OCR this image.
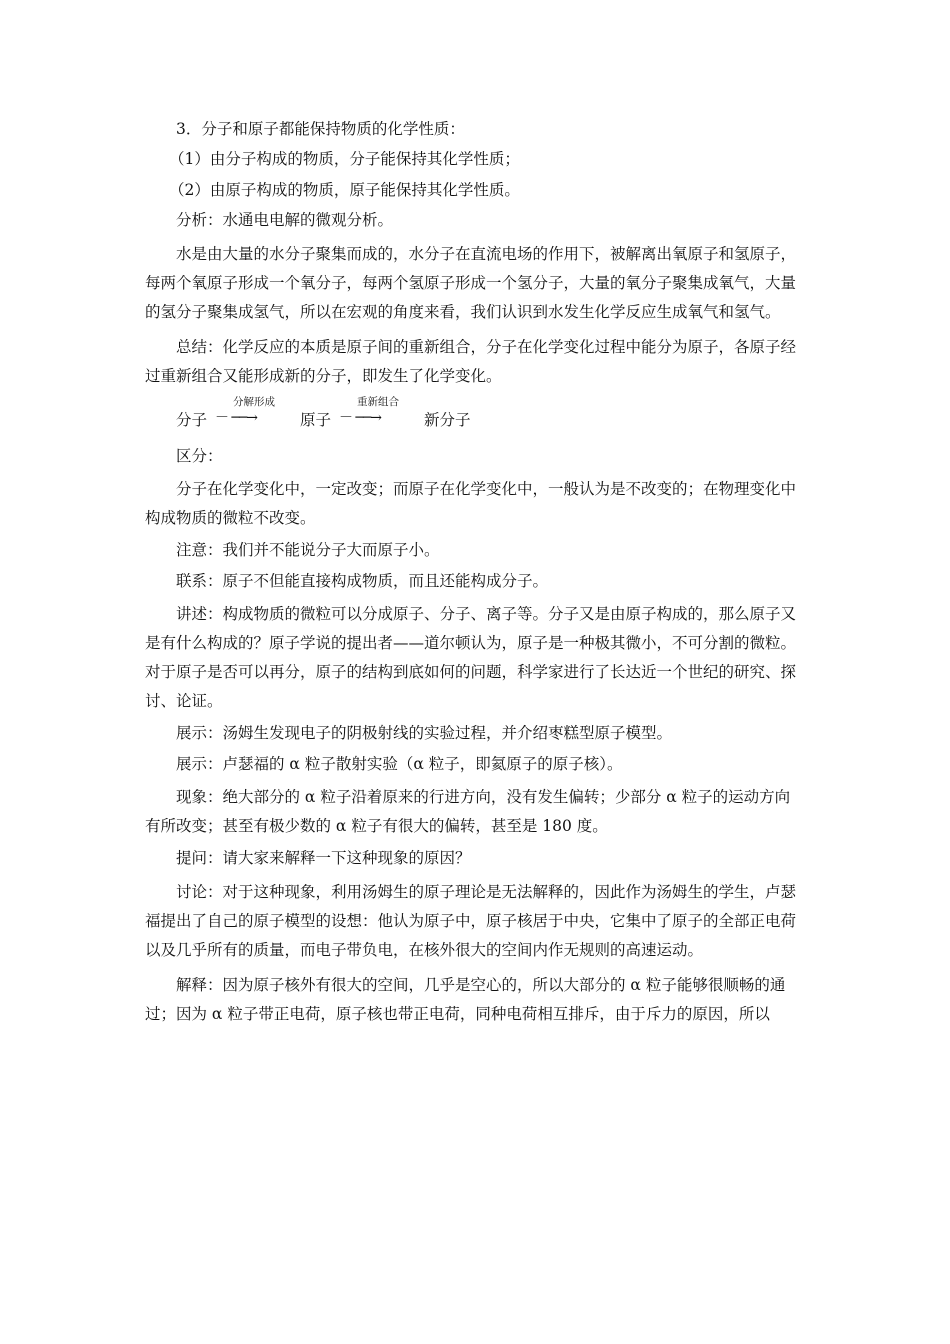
3．分子和原子都能保持物质的化学性质：

（1）由分子构成的物质，分子能保持其化学性质；

（2）由原子构成的物质，原子能保持其化学性质。

分析：水通电电解的微观分析。

水是由大量的水分子聚集而成的，水分子在直流电场的作用下，被解离出氧原子和氢原子，每两个氧原子形成一个氧分子，每两个氢原子形成一个氢分子，大量的氧分子聚集成氧气，大量的氢分子聚集成氢气，所以在宏观的角度来看，我们认识到水发生化学反应生成氧气和氢气。

总结：化学反应的本质是原子间的重新组合，分子在化学变化过程中能分为原子，各原子经过重新组合又能形成新的分子，即发生了化学变化。

分子
分解形成
－ ──→	原子
重新组合
－ ──→	新分子

区分：

分子在化学变化中，一定改变；而原子在化学变化中，一般认为是不改变的；在物理变化中构成物质的微粒不改变。

注意：我们并不能说分子大而原子小。

联系：原子不但能直接构成物质，而且还能构成分子。

讲述：构成物质的微粒可以分成原子、分子、离子等。分子又是由原子构成的，那么原子又是有什么构成的？原子学说的提出者——道尔顿认为，原子是一种极其微小，不可分割的微粒。对于原子是否可以再分，原子的结构到底如何的问题，科学家进行了长达近一个世纪的研究、探讨、论证。

展示：汤姆生发现电子的阴极射线的实验过程，并介绍枣糕型原子模型。

展示：卢瑟福的 α 粒子散射实验（α 粒子，即氦原子的原子核）。

现象：绝大部分的 α 粒子沿着原来的行进方向，没有发生偏转；少部分 α 粒子的运动方向有所改变；甚至有极少数的 α 粒子有很大的偏转，甚至是 180 度。

提问：请大家来解释一下这种现象的原因？

讨论：对于这种现象，利用汤姆生的原子理论是无法解释的，因此作为汤姆生的学生，卢瑟福提出了自己的原子模型的设想：他认为原子中，原子核居于中央，它集中了原子的全部正电荷以及几乎所有的质量，而电子带负电，在核外很大的空间内作无规则的高速运动。

解释：因为原子核外有很大的空间，几乎是空心的，所以大部分的 α 粒子能够很顺畅的通过；因为 α 粒子带正电荷，原子核也带正电荷，同种电荷相互排斥，由于斥力的原因，所以
